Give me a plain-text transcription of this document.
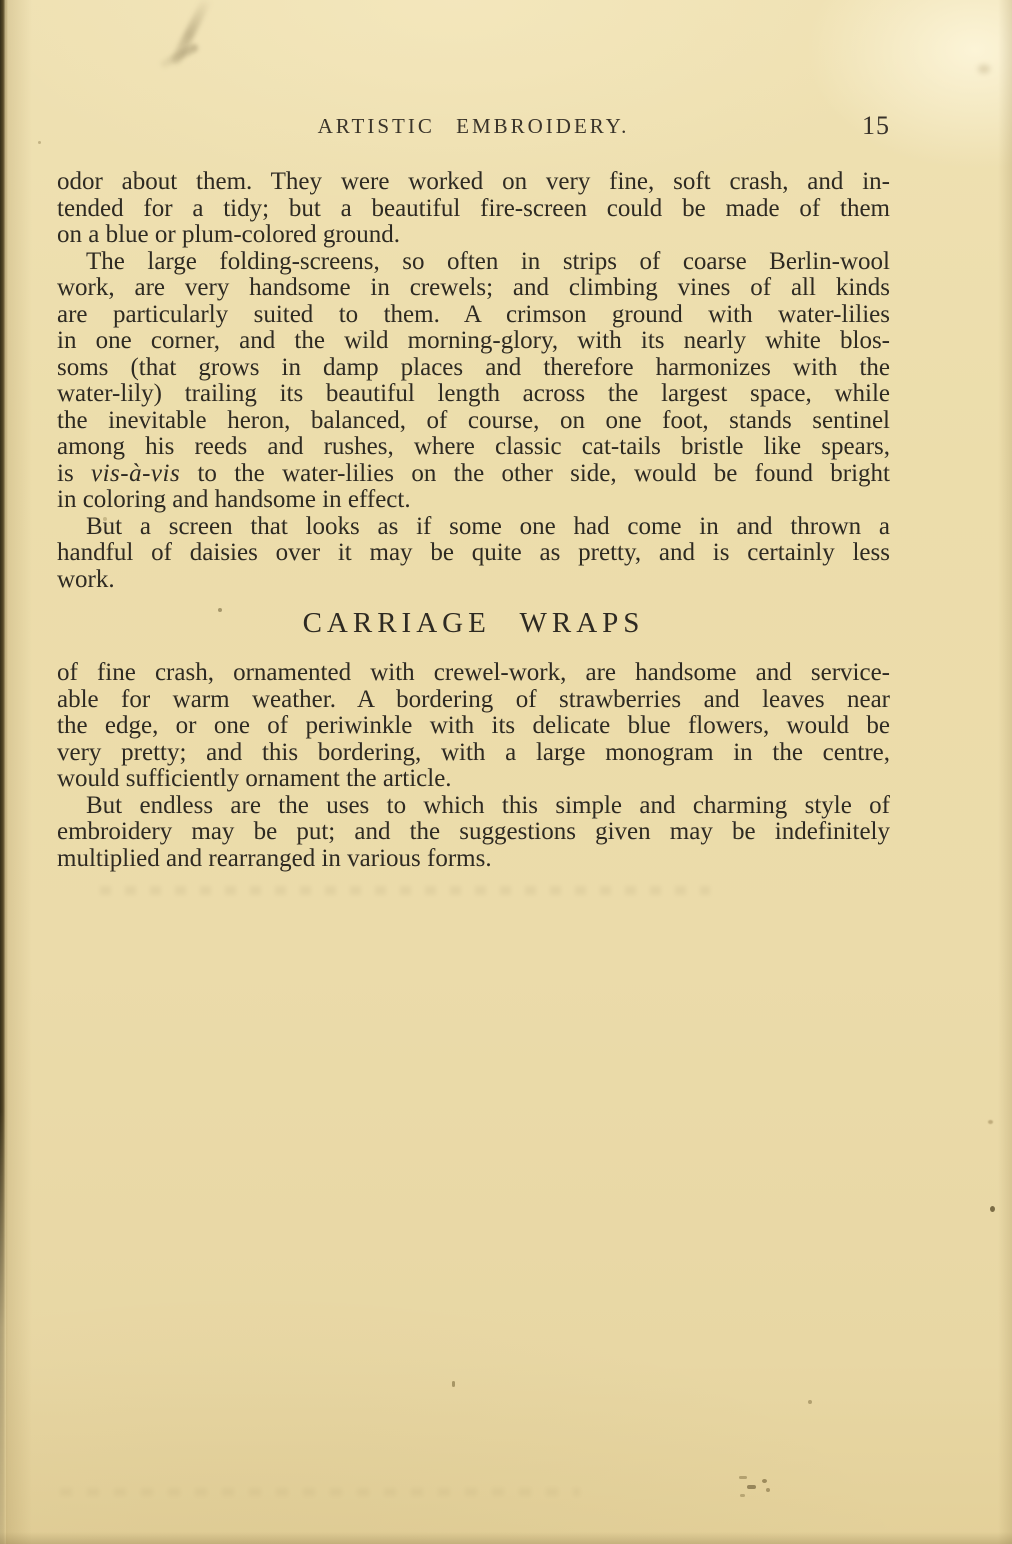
ARTISTIC EMBROIDERY.	15
odor about them. They were worked on very fine, soft crash, and in-
tended for a tidy; but a beautiful fire-screen could be made of them
on a blue or plum-colored ground.
The large folding-screens, so often in strips of coarse Berlin-wool
work, are very handsome in crewels; and climbing vines of all kinds
are particularly suited to them. A crimson ground with water-lilies
in one corner, and the wild morning-glory, with its nearly white blos-
soms (that grows in damp places and therefore harmonizes with the
water-lily) trailing its beautiful length across the largest space, while
the inevitable heron, balanced, of course, on one foot, stands sentinel
among his reeds and rushes, where classic cat-tails bristle like spears,
is vis-à-vis to the water-lilies on the other side, would be found bright
in coloring and handsome in effect.
But a screen that looks as if some one had come in and thrown a
handful of daisies over it may be quite as pretty, and is certainly less
work.
CARRIAGE WRAPS
of fine crash, ornamented with crewel-work, are handsome and service-
able for warm weather. A bordering of strawberries and leaves near
the edge, or one of periwinkle with its delicate blue flowers, would be
very pretty; and this bordering, with a large monogram in the centre,
would sufficiently ornament the article.
But endless are the uses to which this simple and charming style of
embroidery may be put; and the suggestions given may be indefinitely
multiplied and rearranged in various forms.
